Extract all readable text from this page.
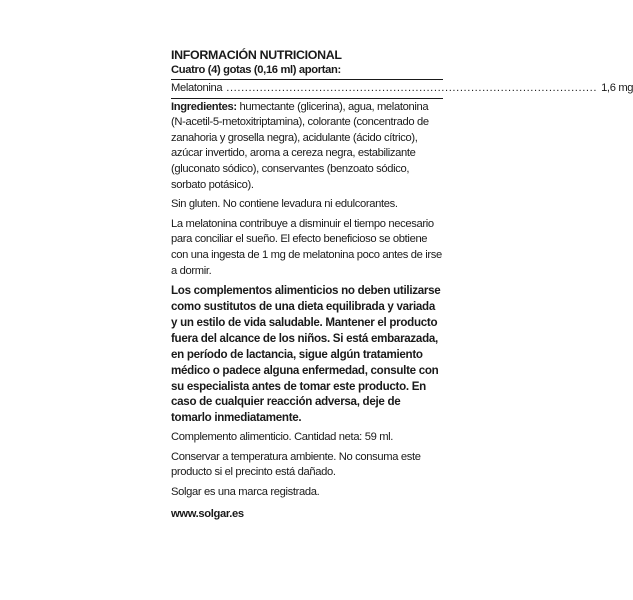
INFORMACIÓN NUTRICIONAL

Cuatro (4) gotas (0,16 ml) aportan:

Melatonina .................................................................................................... 1,6 mg

Ingredientes: humectante (glicerina), agua, melatonina (N-acetil-5-metoxitriptamina), colorante (concentrado de zanahoria y grosella negra), acidulante (ácido cítrico), azúcar invertido, aroma a cereza negra, estabilizante (gluconato sódico), conservantes (benzoato sódico, sorbato potásico).

Sin gluten. No contiene levadura ni edulcorantes.

La melatonina contribuye a disminuir el tiempo necesario para conciliar el sueño. El efecto beneficioso se obtiene con una ingesta de 1 mg de melatonina poco antes de irse a dormir.

Los complementos alimenticios no deben utilizarse como sustitutos de una dieta equilibrada y variada y un estilo de vida saludable. Mantener el producto fuera del alcance de los niños. Si está embarazada, en período de lactancia, sigue algún tratamiento médico o padece alguna enfermedad, consulte con su especialista antes de tomar este producto. En caso de cualquier reacción adversa, deje de tomarlo inmediatamente.

Complemento alimenticio. Cantidad neta: 59 ml.

Conservar a temperatura ambiente. No consuma este producto si el precinto está dañado.

Solgar es una marca registrada.

www.solgar.es
